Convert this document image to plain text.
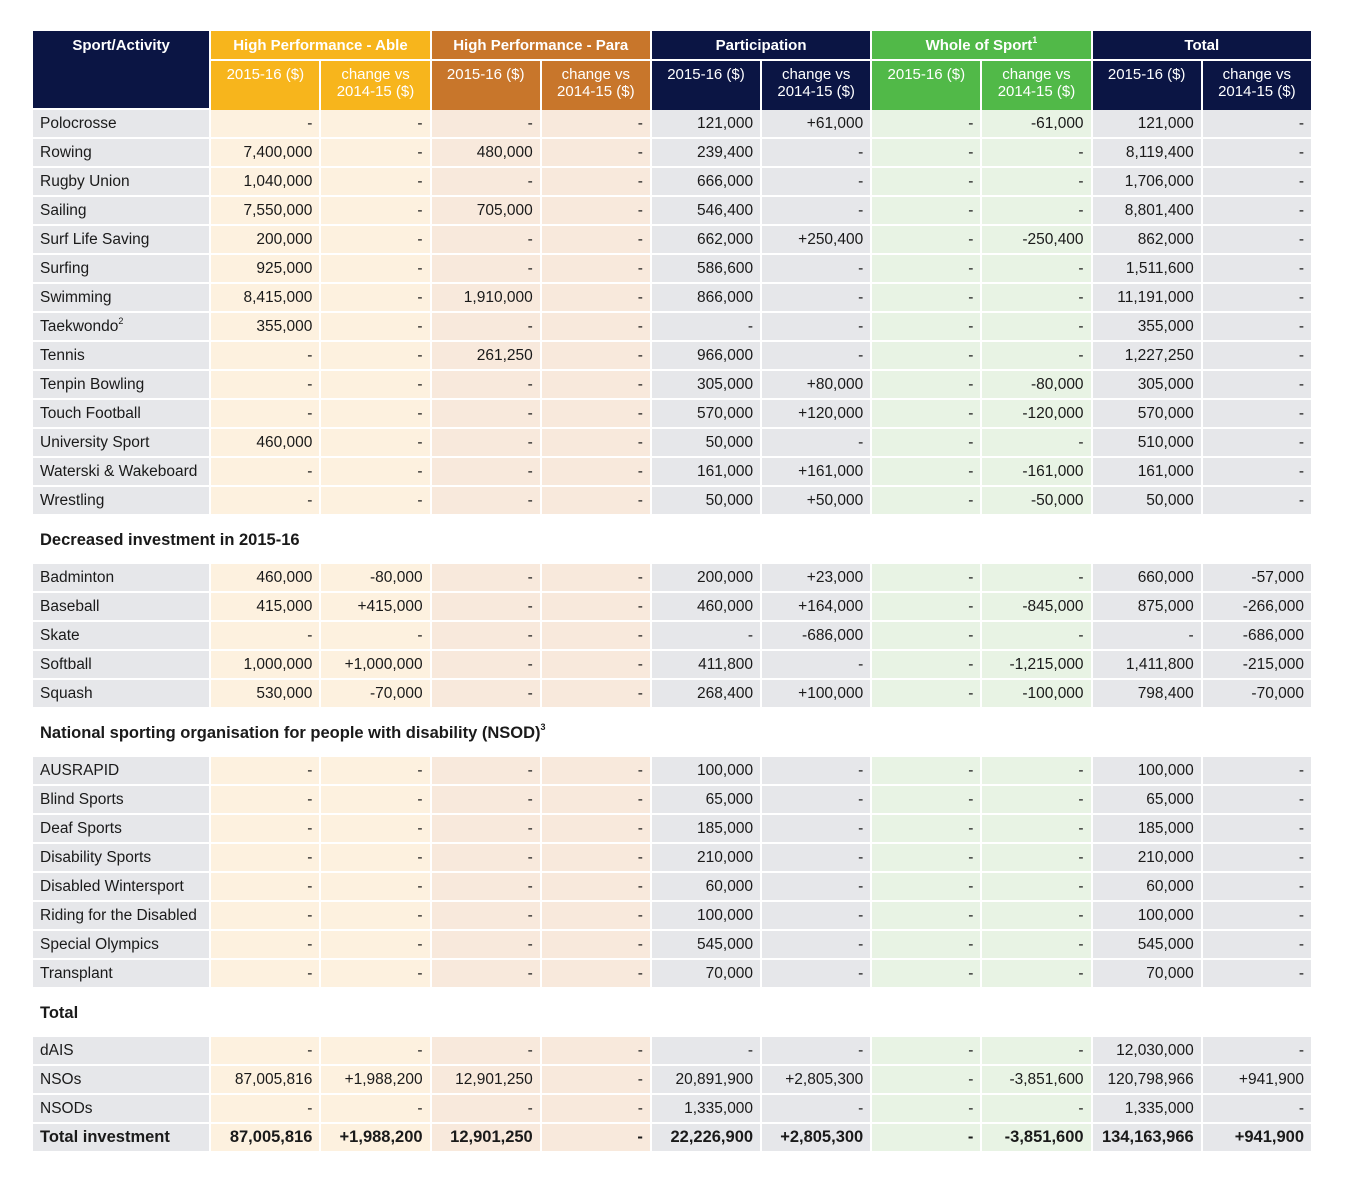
Sport/Activity	High Performance - Able		High Performance - Para		Participation		Whole of Sport$^1$		Total	
	2015-16 ($)	change vs 2014-15 ($)	2015-16 ($)	change vs 2014-15 ($)	2015-16 ($)	change vs 2014-15 ($)	2015-16 ($)	change vs 2014-15 ($)	2015-16 ($)	change vs 2014-15 ($)
Polocrosse	-	-	-	-	121,000	+61,000	-	-61,000	121,000	-
Rowing	7,400,000	-	480,000	-	239,400	-	-	-	8,119,400	-
Rugby Union	1,040,000	-	-	-	666,000	-	-	-	1,706,000	-
Sailing	7,550,000	-	705,000	-	546,400	-	-	-	8,801,400	-
Surf Life Saving	200,000	-	-	-	662,000	+250,400	-	-250,400	862,000	-
Surfing	925,000	-	-	-	586,600	-	-	-	1,511,600	-
Swimming	8,415,000	-	1,910,000	-	866,000	-	-	-	11,191,000	-
Taekwondo$^2$	355,000	-	-	-	-	-	-	-	355,000	-
Tennis	-	-	261,250	-	966,000	-	-	-	1,227,250	-
Tenpin Bowling	-	-	-	-	305,000	+80,000	-	-80,000	305,000	-
Touch Football	-	-	-	-	570,000	+120,000	-	-120,000	570,000	-
University Sport	460,000	-	-	-	50,000	-	-	-	510,000	-
Waterski & Wakeboard	-	-	-	-	161,000	+161,000	-	-161,000	161,000	-
Wrestling	-	-	-	-	50,000	+50,000	-	-50,000	50,000	-
Decreased investment in 2015-16										
Badminton	460,000	-80,000	-	-	200,000	+23,000	-	-	660,000	-57,000
Baseball	415,000	+415,000	-	-	460,000	+164,000	-	-845,000	875,000	-266,000
Skate	-	-	-	-	-	-686,000	-	-	-	-686,000
Softball	1,000,000	+1,000,000	-	-	411,800	-	-	-1,215,000	1,411,800	-215,000
Squash	530,000	-70,000	-	-	268,400	+100,000	-	-100,000	798,400	-70,000
National sporting organisation for people with disability (NSOD)$^3$
AUSRAPID	-	-	-	-	100,000	-	-	-	100,000	-
Blind Sports	-	-	-	-	65,000	-	-	-	65,000	-
Deaf Sports	-	-	-	-	185,000	-	-	-	185,000	-
Disability Sports	-	-	-	-	210,000	-	-	-	210,000	-
Disabled Wintersport	-	-	-	-	60,000	-	-	-	60,000	-
Riding for the Disabled	-	-	-	-	100,000	-	-	-	100,000	-
Special Olympics	-	-	-	-	545,000	-	-	-	545,000	-
Transplant	-	-	-	-	70,000	-	-	-	70,000	-
Total										
dAIS	-	-	-	-	-	-	-	-	12,030,000	-
NSOs	87,005,816	+1,988,200	12,901,250	-	20,891,900	+2,805,300	-	-3,851,600	120,798,966	+941,900
NSODs	-	-	-	-	1,335,000	-	-	-	1,335,000	-
Total investment	87,005,816	+1,988,200	12,901,250	-	22,226,900	+2,805,300	-	-3,851,600	134,163,966	+941,900
